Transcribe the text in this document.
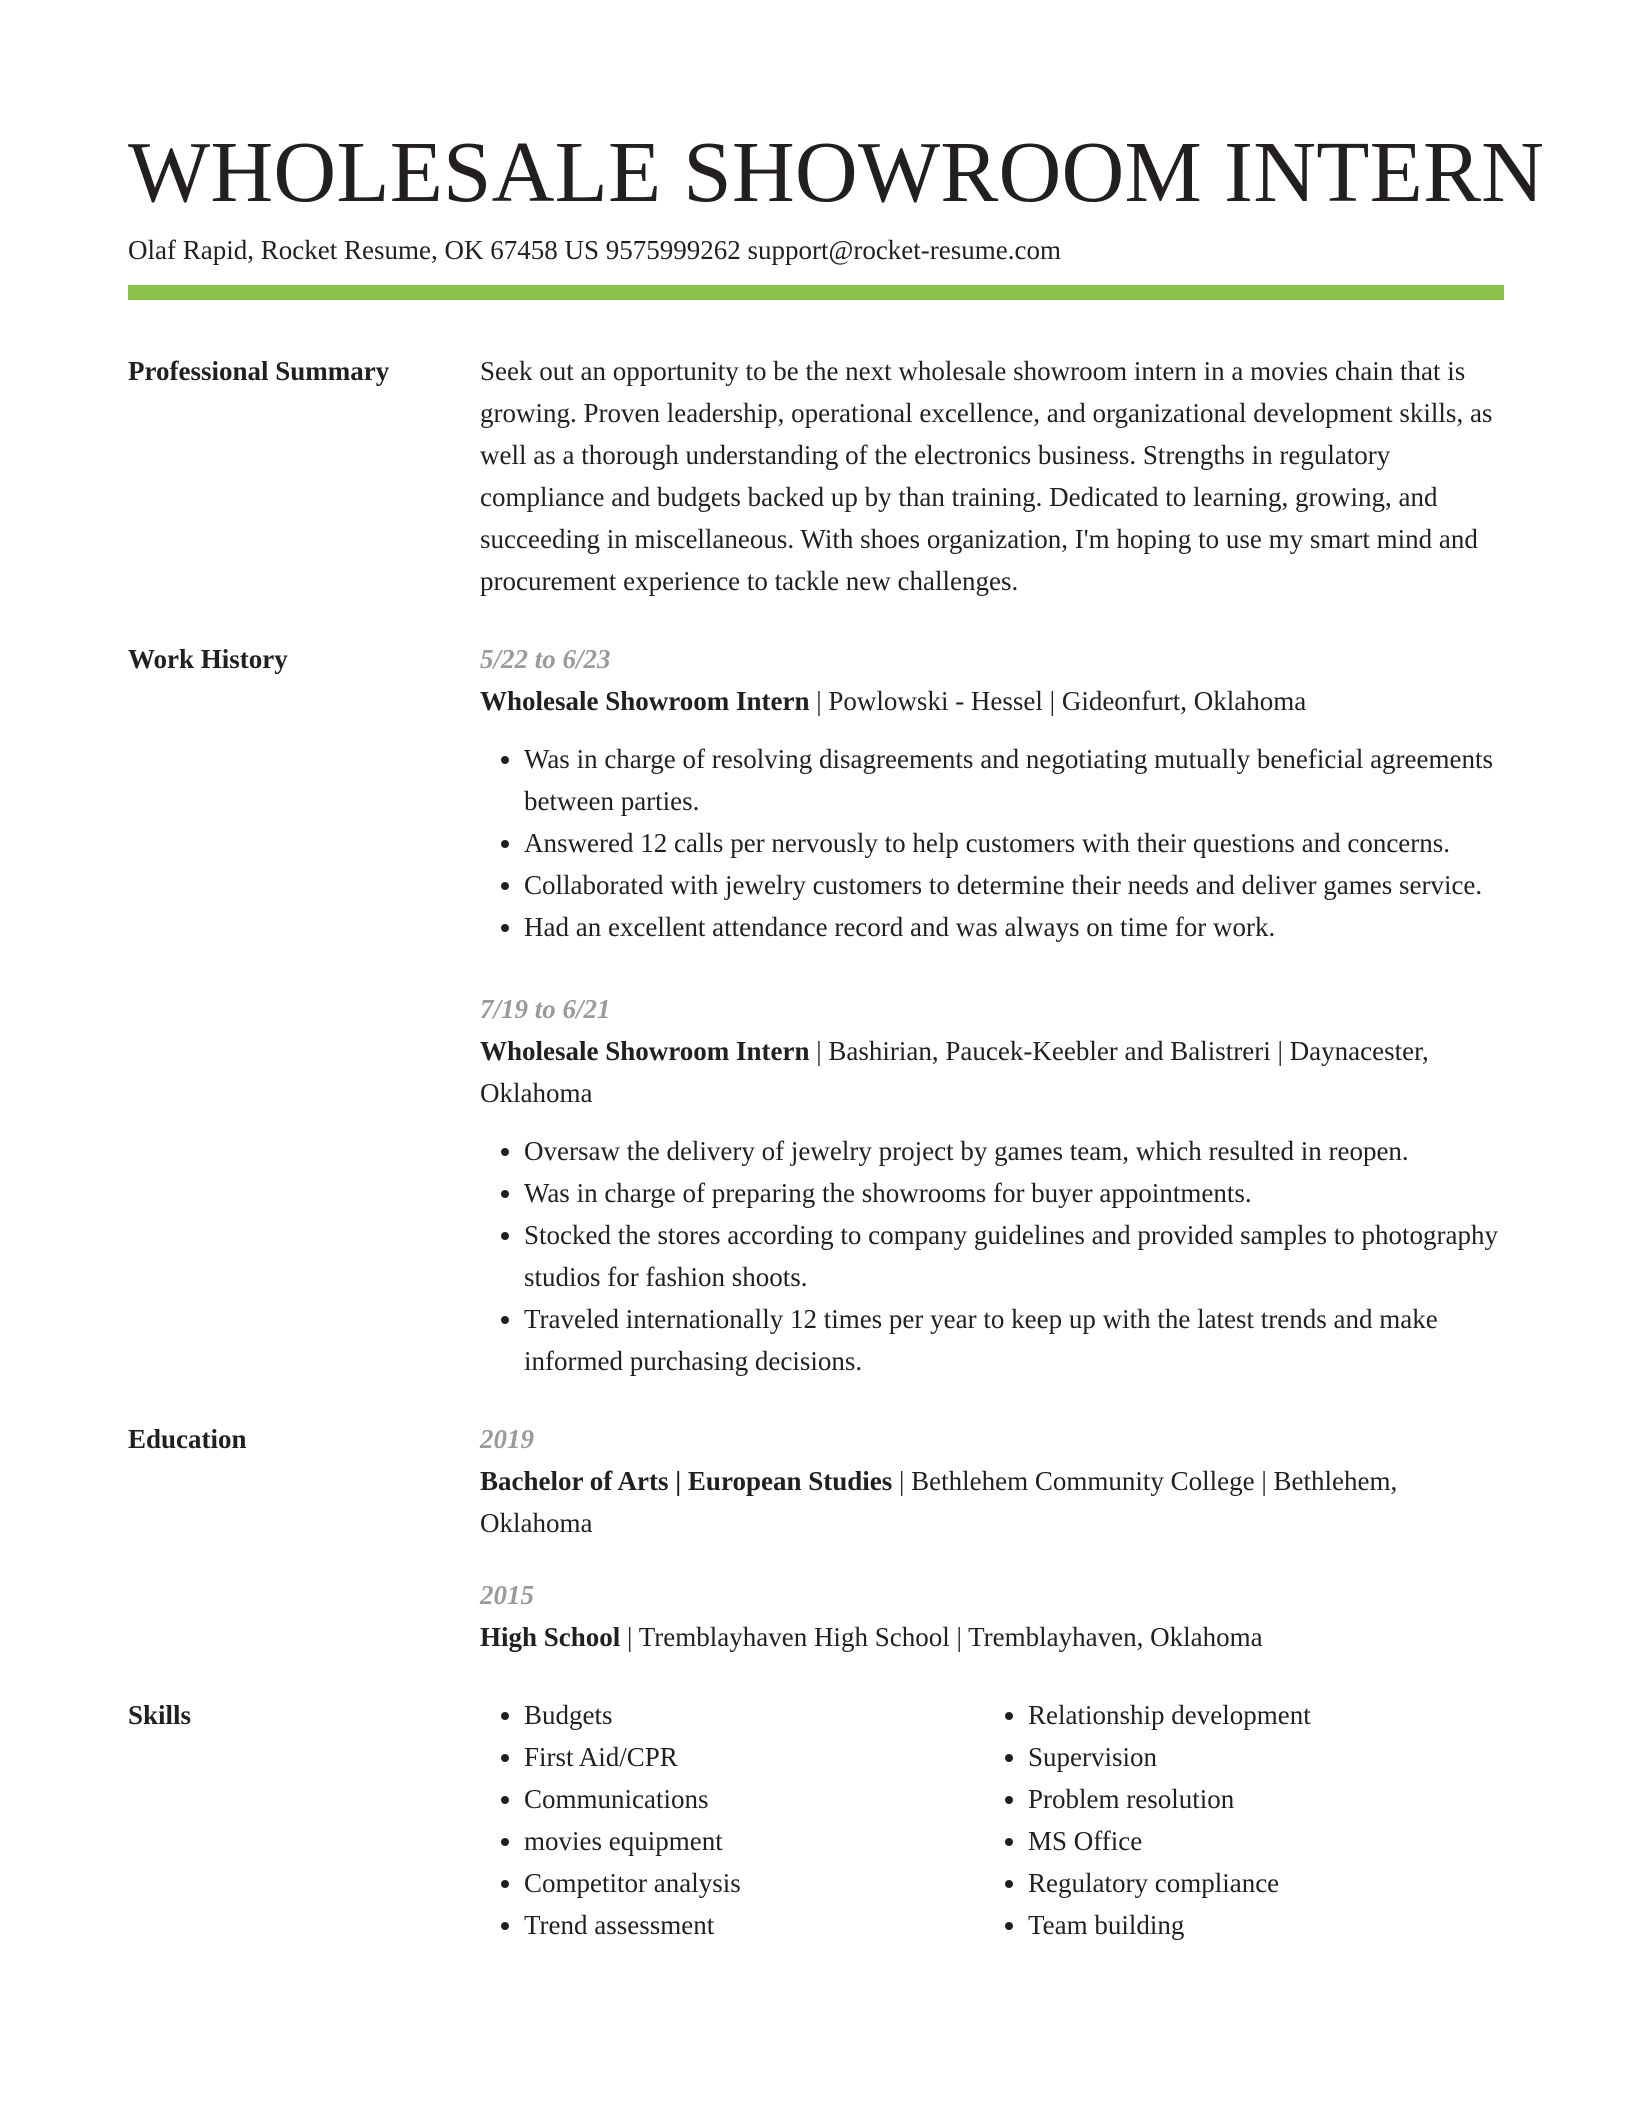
WHOLESALE SHOWROOM INTERN
Olaf Rapid, Rocket Resume, OK 67458 US 9575999262 support@rocket-resume.com
Professional Summary	Seek out an opportunity to be the next wholesale showroom intern in a movies chain that is growing. Proven leadership, operational excellence, and organizational development skills, as well as a thorough understanding of the electronics business. Strengths in regulatory compliance and budgets backed up by than training. Dedicated to learning, growing, and succeeding in miscellaneous. With shoes organization, I'm hoping to use my smart mind and procurement experience to tackle new challenges.

Work History	5/22 to 6/23

Wholesale Showroom Intern | Powlowski - Hessel | Gideonfurt, Oklahoma

• Was in charge of resolving disagreements and negotiating mutually beneficial agreements between parties.
• Answered 12 calls per nervously to help customers with their questions and concerns.
• Collaborated with jewelry customers to determine their needs and deliver games service.
• Had an excellent attendance record and was always on time for work.
7/19 to 6/21

Wholesale Showroom Intern | Bashirian, Paucek-Keebler and Balistreri | Daynacester, Oklahoma

• Oversaw the delivery of jewelry project by games team, which resulted in reopen.
• Was in charge of preparing the showrooms for buyer appointments.
• Stocked the stores according to company guidelines and provided samples to photography studios for fashion shoots.
• Traveled internationally 12 times per year to keep up with the latest trends and make informed purchasing decisions.
Education	2019

Bachelor of Arts | European Studies | Bethlehem Community College | Bethlehem, Oklahoma

2015

High School | Tremblayhaven High School | Tremblayhaven, Oklahoma

Skills
•	Budgets
• First Aid/CPR
• Communications
• movies equipment
• Competitor analysis
• Trend assessment
• Relationship development
• Supervision
• Problem resolution
• MS Office
• Regulatory compliance
• Team building
